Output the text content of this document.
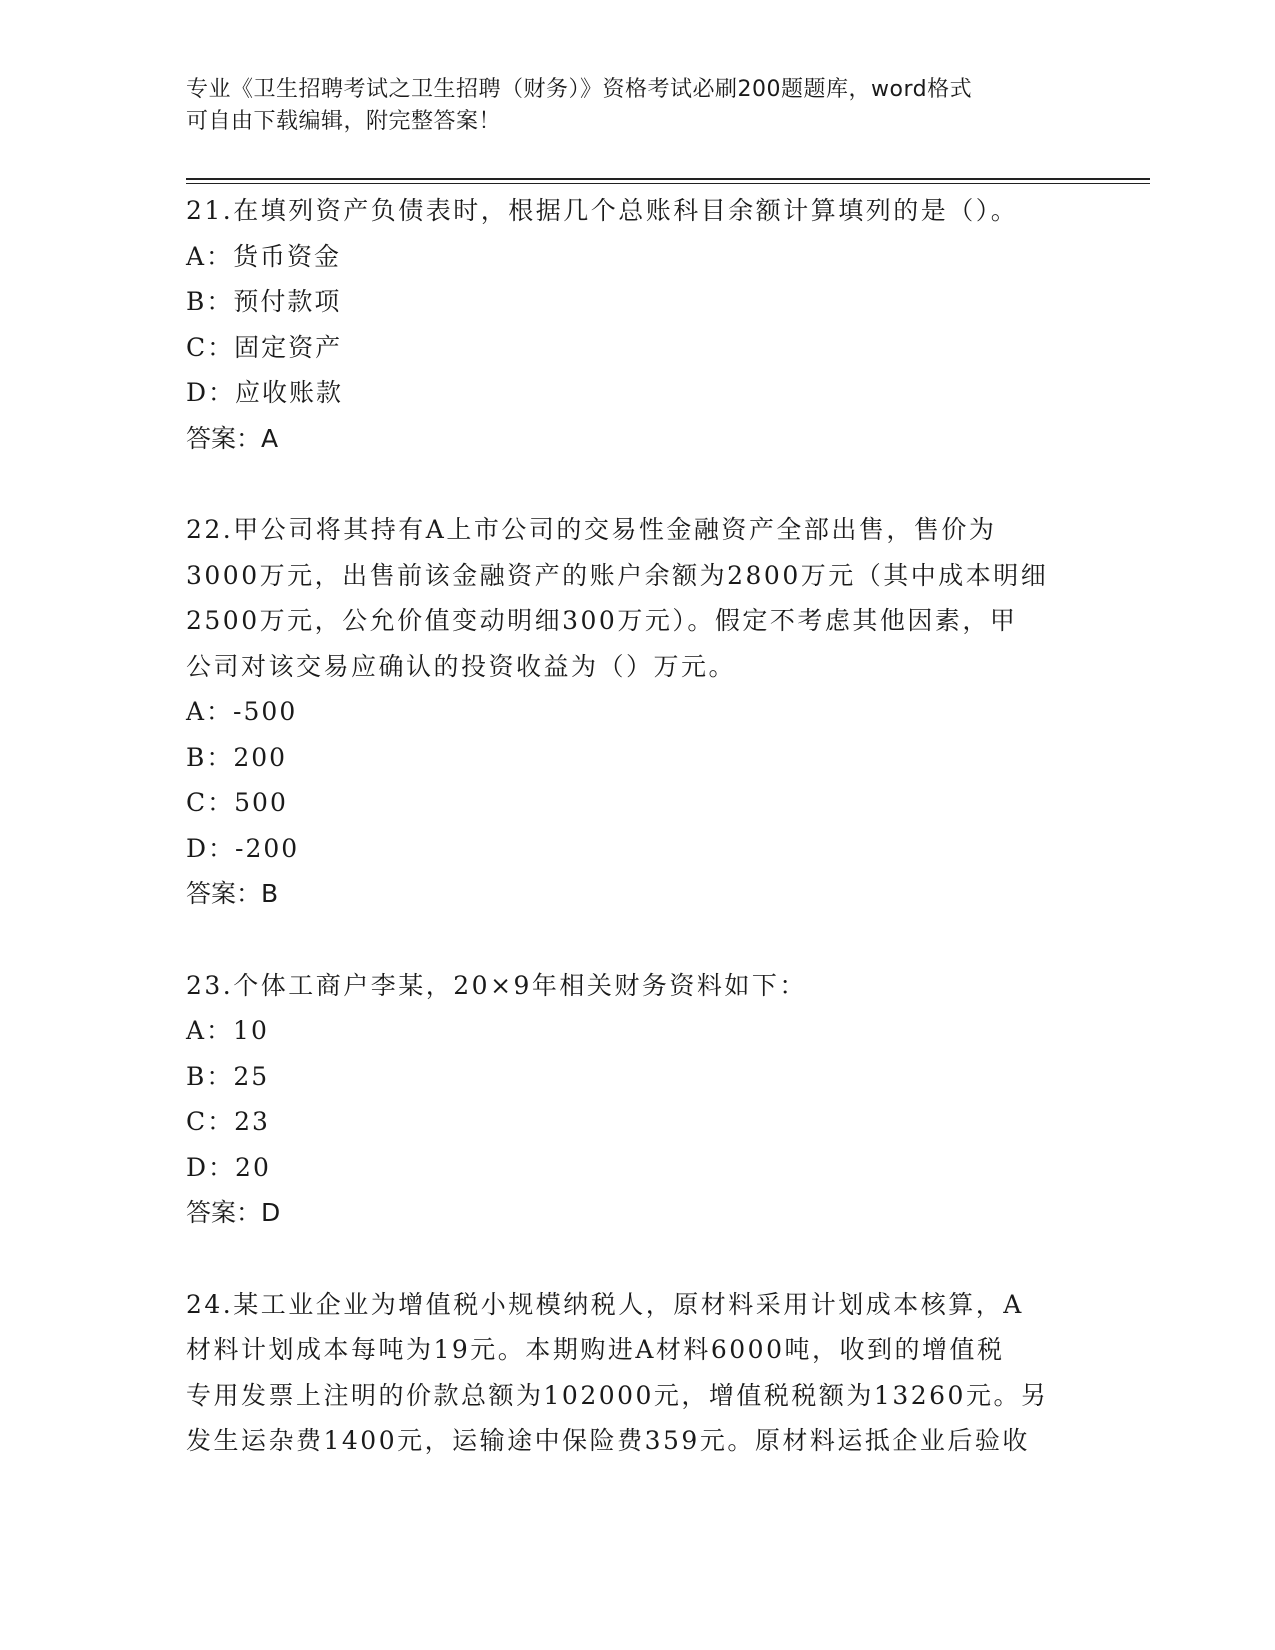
专业《卫生招聘考试之卫生招聘（财务）》资格考试必刷200题题库，word格式
可自由下载编辑，附完整答案！

21.在填列资产负债表时，根据几个总账科目余额计算填列的是（）。

A：货币资金

B：预付款项

C：固定资产

D：应收账款

答案：A

22.甲公司将其持有A上市公司的交易性金融资产全部出售，售价为

3000万元，出售前该金融资产的账户余额为2800万元（其中成本明细

2500万元，公允价值变动明细300万元）。假定不考虑其他因素，甲

公司对该交易应确认的投资收益为（）万元。

A：-500

B：200

C：500

D：-200

答案：B

23.个体工商户李某，20×9年相关财务资料如下：

A：10

B：25

C：23

D：20

答案：D

24.某工业企业为增值税小规模纳税人，原材料采用计划成本核算，A

材料计划成本每吨为19元。本期购进A材料6000吨，收到的增值税

专用发票上注明的价款总额为102000元，增值税税额为13260元。另

发生运杂费1400元，运输途中保险费359元。原材料运抵企业后验收
